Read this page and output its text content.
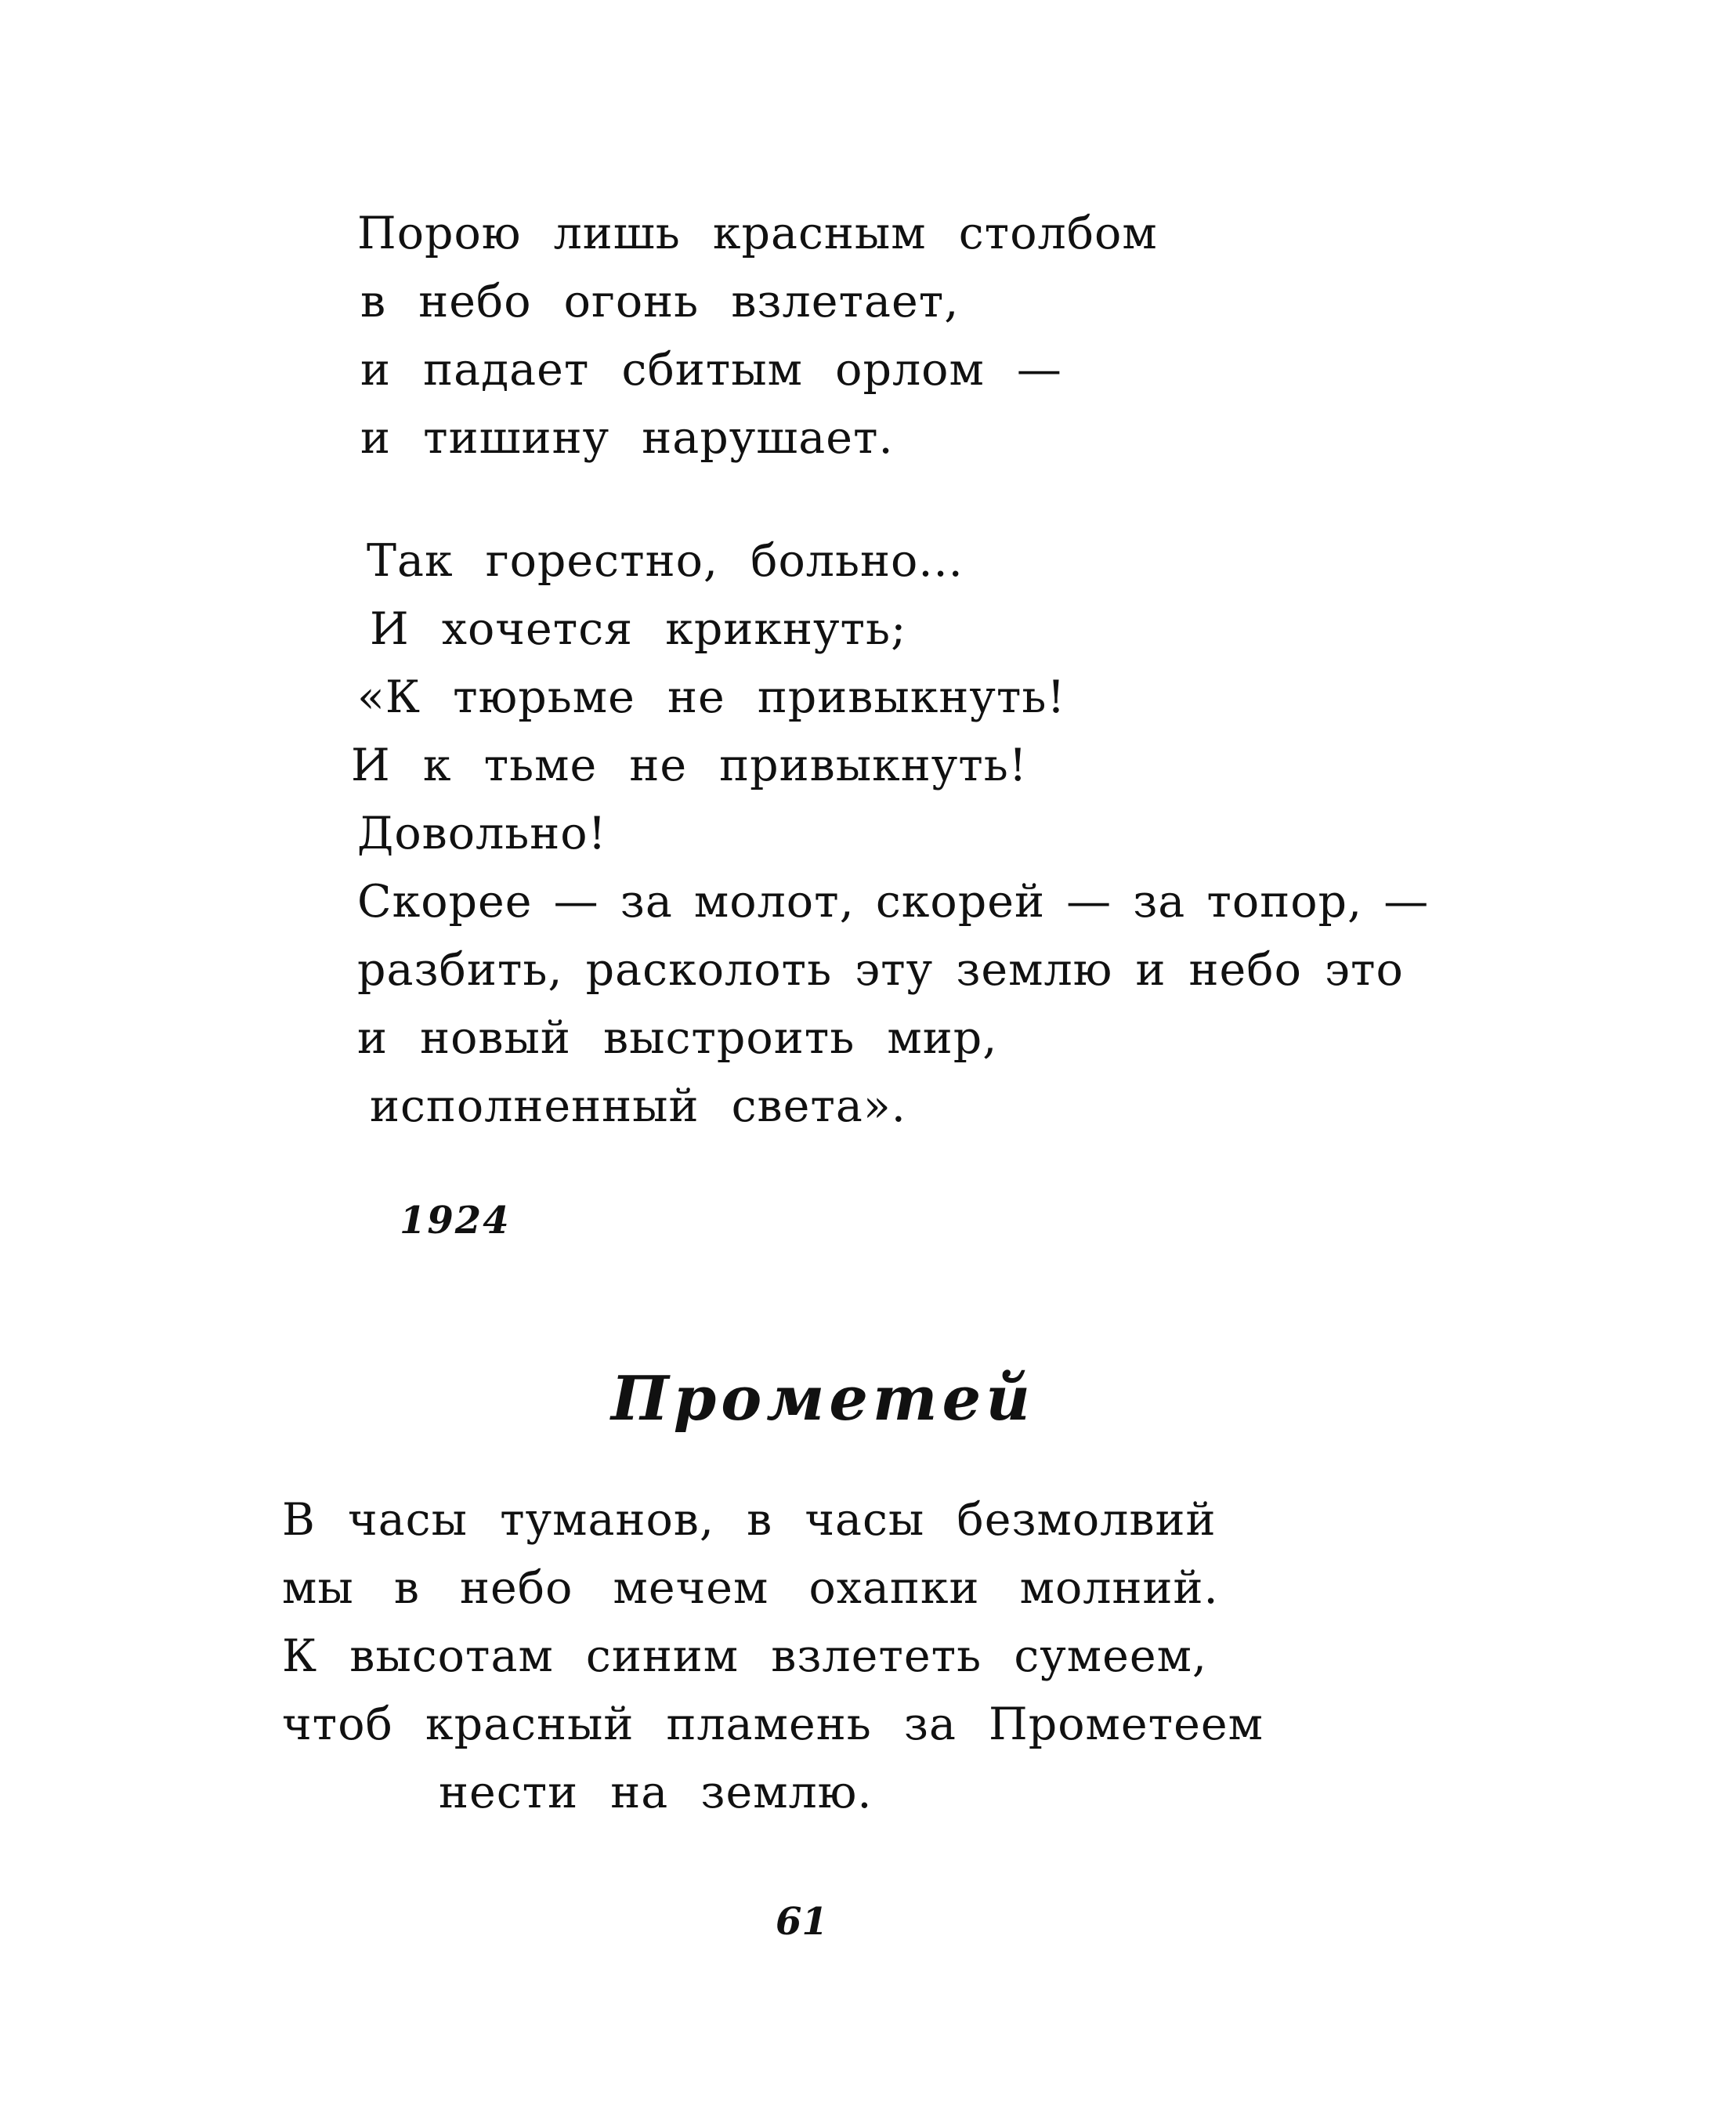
Порою лишь красным столбом
в небо огонь взлетает,
и падает сбитым орлом —
и тишину нарушает.
Так горестно, больно...
И хочется крикнуть;
«К тюрьме не привыкнуть!
И к тьме не привыкнуть!
Довольно!
Скорее — за молот, скорей — за топор, —
разбить, расколоть эту землю и небо это
и новый выстроить мир,
исполненный света».
1924
Прометей
В часы туманов, в часы безмолвий
мы в небо мечем охапки молний.
К высотам синим взлететь сумеем,
чтоб красный пламень за Прометеем
нести на землю.
61
